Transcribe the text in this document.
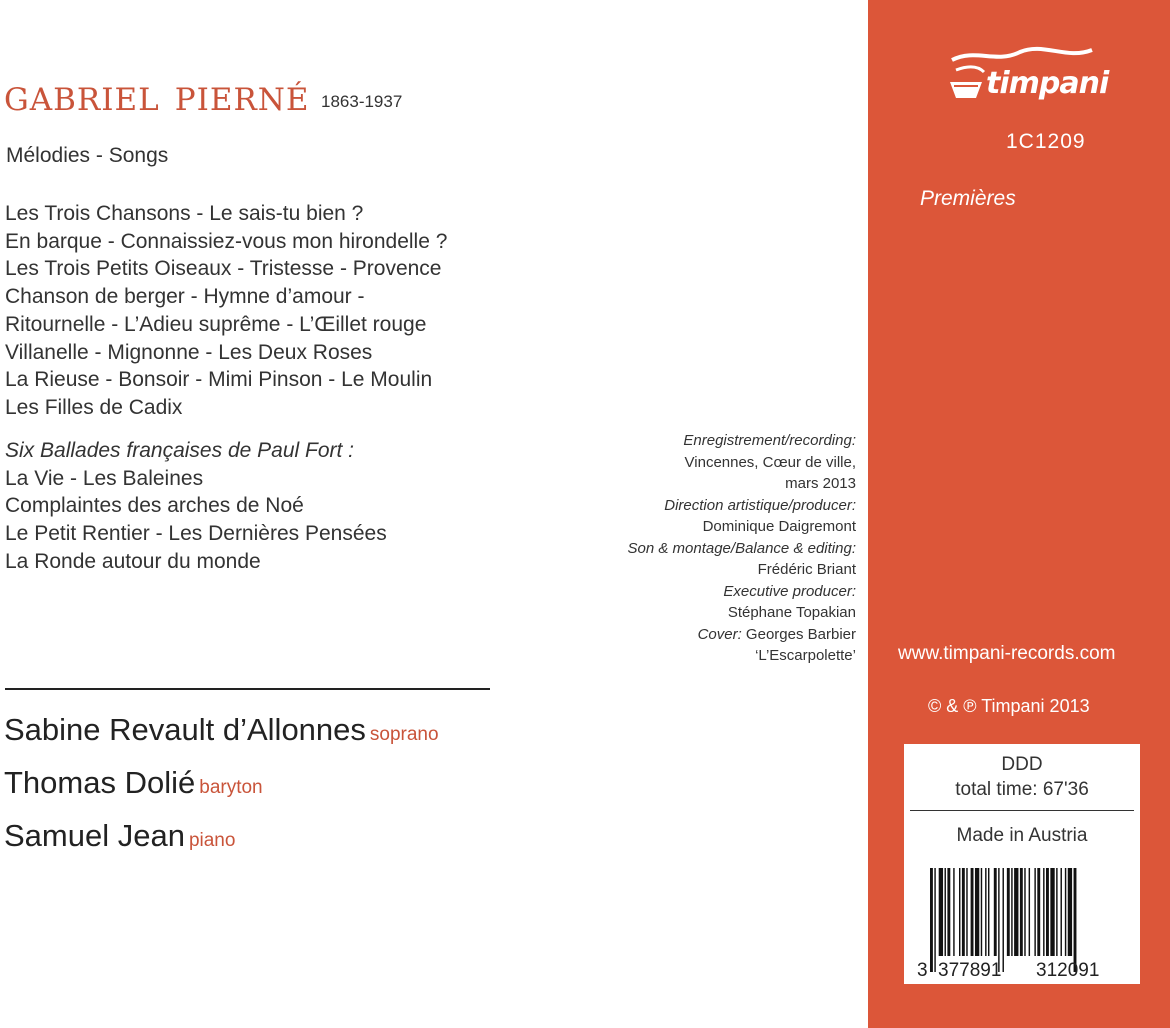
gabriel pierné 1863-1937
Mélodies - Songs
Les Trois Chansons - Le sais-tu bien ?
En barque - Connaissiez-vous mon hirondelle ?
Les Trois Petits Oiseaux - Tristesse - Provence
Chanson de berger - Hymne d’amour -
Ritournelle - L’Adieu suprême - L’Œillet rouge
Villanelle - Mignonne - Les Deux Roses
La Rieuse - Bonsoir - Mimi Pinson - Le Moulin
Les Filles de Cadix
Six Ballades françaises de Paul Fort :
La Vie - Les Baleines
Complaintes des arches de Noé
Le Petit Rentier - Les Dernières Pensées
La Ronde autour du monde
Enregistrement/recording:
Vincennes, Cœur de ville,
mars 2013
Direction artistique/producer:
Dominique Daigremont
Son & montage/Balance & editing:
Frédéric Briant
Executive producer:
Stéphane Topakian
Cover: Georges Barbier
‘L’Escarpolette’
Sabine Revault d’Allonnes soprano
Thomas Dolié baryton
Samuel Jean piano
timpani
1C1209
Premières
www.timpani-records.com
© & ℗ Timpani 2013
DDD
total time: 67'36
Made in Austria
3 377891 312091
